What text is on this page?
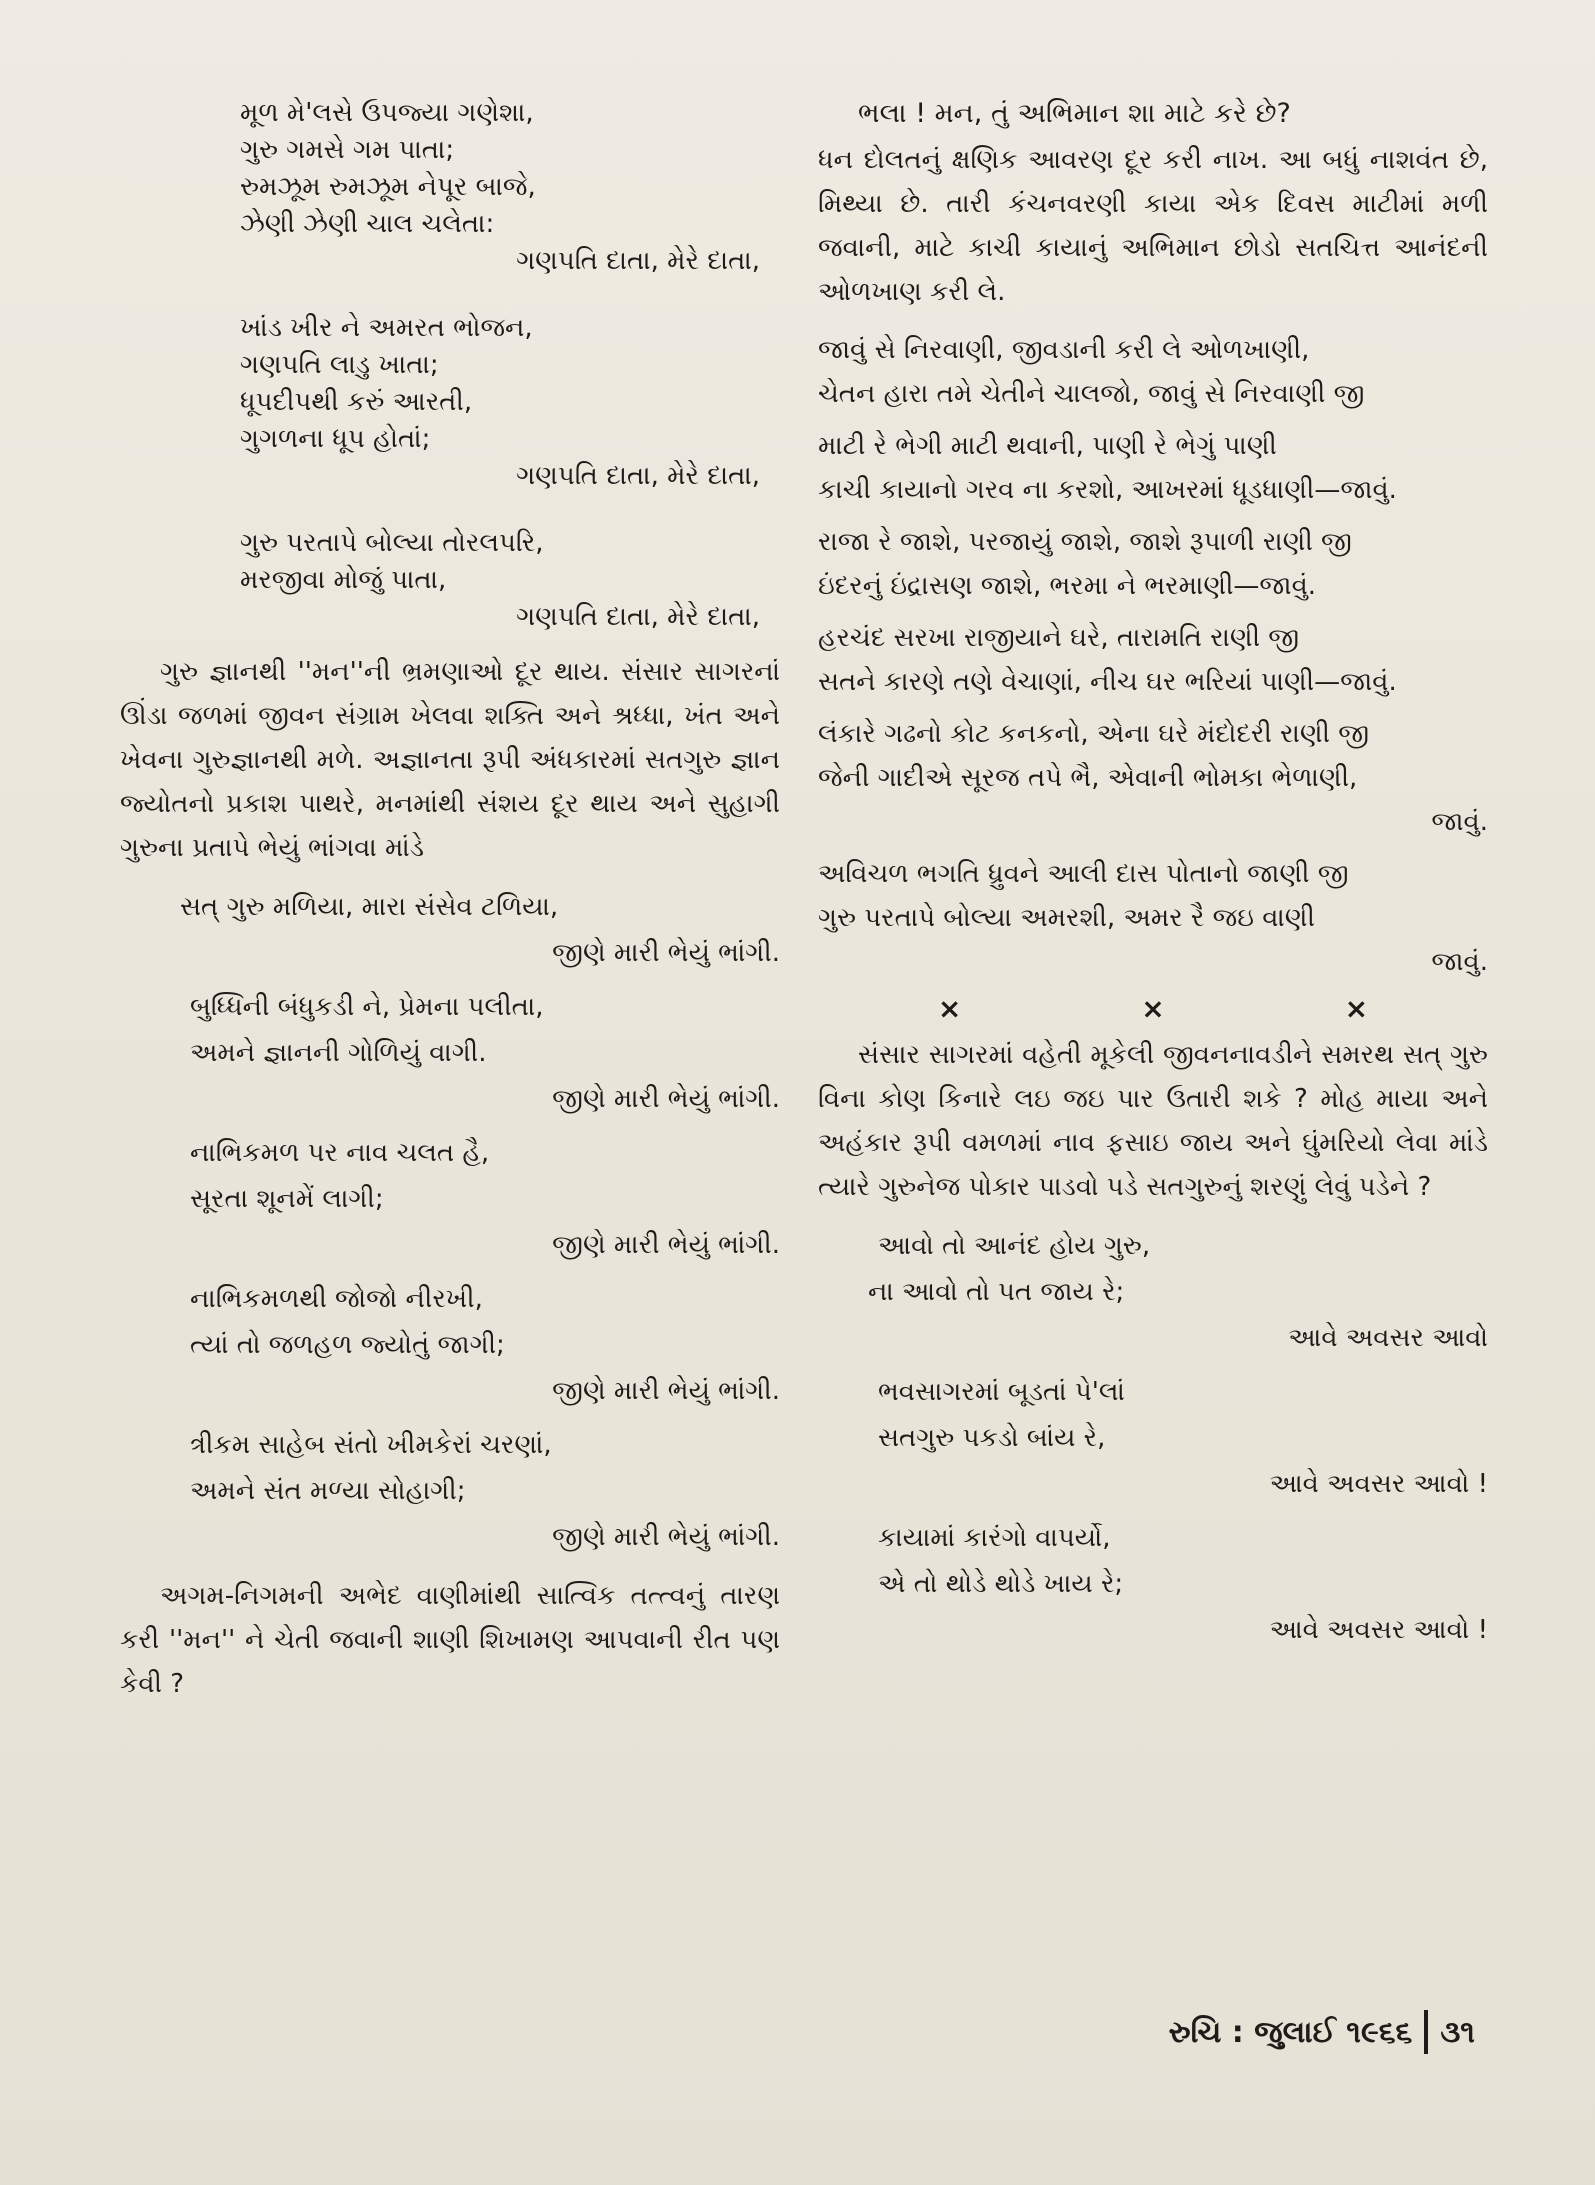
મૂળ મે'લસે ઉપજ્યા ગણેશા,
ગુરુ ગમસે ગમ પાતા;
રુમઝૂમ રુમઝૂમ નેપૂર બાજે,
ઝેણી ઝેણી ચાલ ચલેતા:
ગણપતિ દાતા, મેરે દાતા,
ખાંડ ખીર ને અમરત ભોજન,
ગણપતિ લાડુ ખાતા;
ધૂપદીપથી કરું આરતી,
ગુગળના ધૂપ હોતાં;
ગણપતિ દાતા, મેરે દાતા,
ગુરુ પરતાપે બોલ્યા તોરલપરિ,
મરજીવા મોજું પાતા,
ગણપતિ દાતા, મેરે દાતા,

ગુરુ જ્ઞાનથી ''મન''ની ભ્રમણાઓ દૂર થાય. સંસાર સાગરનાં ઊંડા જળમાં જીવન સંગ્રામ ખેલવા શક્તિ અને શ્રધ્ધા, ખંત અને ખેવના ગુરુજ્ઞાનથી મળે. અજ્ઞાનતા રૂપી અંધકારમાં સતગુરુ જ્ઞાન જ્યોતનો પ્રકાશ પાથરે, મનમાંથી સંશય દૂર થાય અને સુહાગી ગુરુના પ્રતાપે ભેયું ભાંગવા માંડે

સત્ ગુરુ મળિયા, મારા સંસેવ ટળિયા,
જીણે મારી ભેયું ભાંગી.
બુધ્ધિની બંધુકડી ને, પ્રેમના પલીતા,
અમને જ્ઞાનની ગોળિયું વાગી.
જીણે મારી ભેયું ભાંગી.
નાભિકમળ પર નાવ ચલત હૈ,
સૂરતા શૂનમેં લાગી;
જીણે મારી ભેયું ભાંગી.
નાભિકમળથી જોજો નીરખી,
ત્યાં તો જળહળ જ્યોતું જાગી;
જીણે મારી ભેયું ભાંગી.
ત્રીકમ સાહેબ સંતો ખીમકેરાં ચરણાં,
અમને સંત મળ્યા સોહાગી;
જીણે મારી ભેયું ભાંગી.

અગમ-નિગમની અભેદ વાણીમાંથી સાત્વિક તત્ત્વનું તારણ કરી ''મન'' ને ચેતી જવાની શાણી શિખામણ આપવાની રીત પણ કેવી ?

ભલા ! મન, તું અભિમાન શા માટે કરે છે?

ધન દોલતનું ક્ષણિક આવરણ દૂર કરી નાખ. આ બધું નાશવંત છે, મિથ્યા છે. તારી કંચનવરણી કાયા એક દિવસ માટીમાં મળી જવાની, માટે કાચી કાયાનું અભિમાન છોડો સતચિત્ત આનંદની ઓળખાણ કરી લે.

જાવું સે નિરવાણી, જીવડાની કરી લે ઓળખાણી,
ચેતન હારા તમે ચેતીને ચાલજો, જાવું સે નિરવાણી જી
માટી રે ભેગી માટી થવાની, પાણી રે ભેગું પાણી
કાચી કાયાનો ગરવ ના કરશો, આખરમાં ધૂડધાણી—જાવું.
રાજા રે જાશે, પરજાયું જાશે, જાશે રૂપાળી રાણી જી
ઇંદરનું ઇંદ્રાસણ જાશે, ભરમા ને ભરમાણી—જાવું.
હરચંદ સરખા રાજીયાને ઘરે, તારામતિ રાણી જી
સતને કારણે તણે વેચાણાં, નીચ ઘર ભરિયાં પાણી—જાવું.
લંકારે ગઢનો કોટ કનકનો, એના ઘરે મંદોદરી રાણી જી
જેની ગાદીએ સૂરજ તપે ભૈ, એવાની ભોમકા ભેળાણી,
જાવું.
અવિચળ ભગતિ ધ્રુવને આલી દાસ પોતાનો જાણી જી
ગુરુ પરતાપે બોલ્યા અમરશી, અમર રૈ જઇ વાણી
જાવું.
×	×	×

સંસાર સાગરમાં વહેતી મૂકેલી જીવનનાવડીને સમરથ સત્ ગુરુ વિના કોણ કિનારે લઇ જઇ પાર ઉતારી શકે ? મોહ માયા અને અહંકાર રૂપી વમળમાં નાવ ફસાઇ જાય અને ઘુંમરિયો લેવા માંડે ત્યારે ગુરુનેજ પોકાર પાડવો પડે સતગુરુનું શરણું લેવું પડેને ?

આવો તો આનંદ હોય ગુરુ,
ના આવો તો પત જાય રે;
આવે અવસર આવો
ભવસાગરમાં બૂડતાં પે'લાં
સતગુરુ પકડો બાંય રે,
આવે અવસર આવો !
કાયામાં કારંગો વાપર્યો,
એ તો થોડે થોડે ખાય રે;
આવે અવસર આવો !
રુચિ : જુલાઈ ૧૯૬૬ ૩૧
